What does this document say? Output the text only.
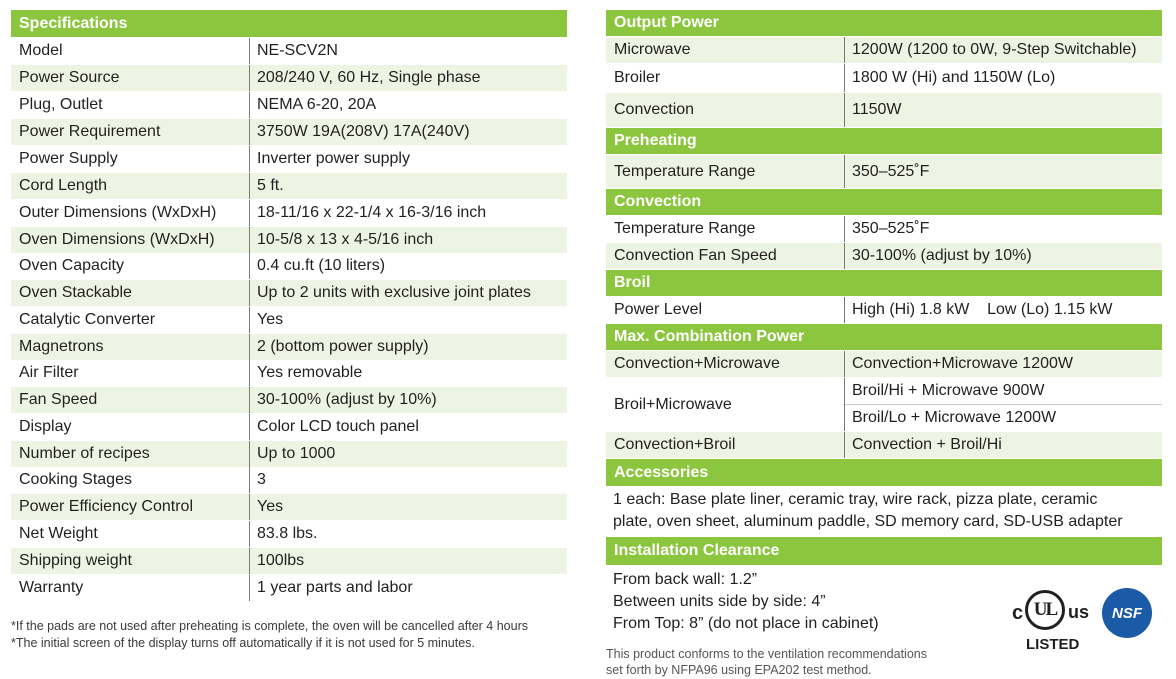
Specifications
Model	NE-SCV2N
Power Source	208/240 V, 60 Hz, Single phase
Plug, Outlet	NEMA 6-20, 20A
Power Requirement	3750W 19A(208V) 17A(240V)
Power Supply	Inverter power supply
Cord Length	5 ft.
Outer Dimensions (WxDxH)	18-11/16 x 22-1/4 x 16-3/16 inch
Oven Dimensions (WxDxH)	10-5/8 x 13 x 4-5/16 inch
Oven Capacity	0.4 cu.ft (10 liters)
Oven Stackable	Up to 2 units with exclusive joint plates
Catalytic Converter	Yes
Magnetrons	2 (bottom power supply)
Air Filter	Yes removable
Fan Speed	30-100% (adjust by 10%)
Display	Color LCD touch panel
Number of recipes	Up to 1000
Cooking Stages	3
Power Efficiency Control	Yes
Net Weight	83.8 lbs.
Shipping weight	100lbs
Warranty	1 year parts and labor
*If the pads are not used after preheating is complete, the oven will be cancelled after 4 hours
*The initial screen of the display turns off automatically if it is not used for 5 minutes.
Output Power
Microwave	1200W (1200 to 0W, 9-Step Switchable)
Broiler	1800 W (Hi) and 1150W (Lo)
Convection	1150W
Preheating
Temperature Range	350–525˚F
Convection
Temperature Range	350–525˚F
Convection Fan Speed	30-100% (adjust by 10%)
Broil
Power Level	High (Hi) 1.8 kW    Low (Lo) 1.15 kW
Max. Combination Power
Convection+Microwave	Convection+Microwave 1200W
Broil+Microwave
Broil/Hi + Microwave 900W
Broil/Lo + Microwave 1200W
Convection+Broil	Convection + Broil/Hi
Accessories
1 each: Base plate liner, ceramic tray, wire rack, pizza plate, ceramic
plate, oven sheet, aluminum paddle, SD memory card, SD-USB adapter
Installation Clearance
From back wall: 1.2”
Between units side by side: 4”
From Top: 8” (do not place in cabinet)
This product conforms to the ventilation recommendations
set forth by NFPA96 using EPA202 test method.
c UL us
LISTED
NSF
